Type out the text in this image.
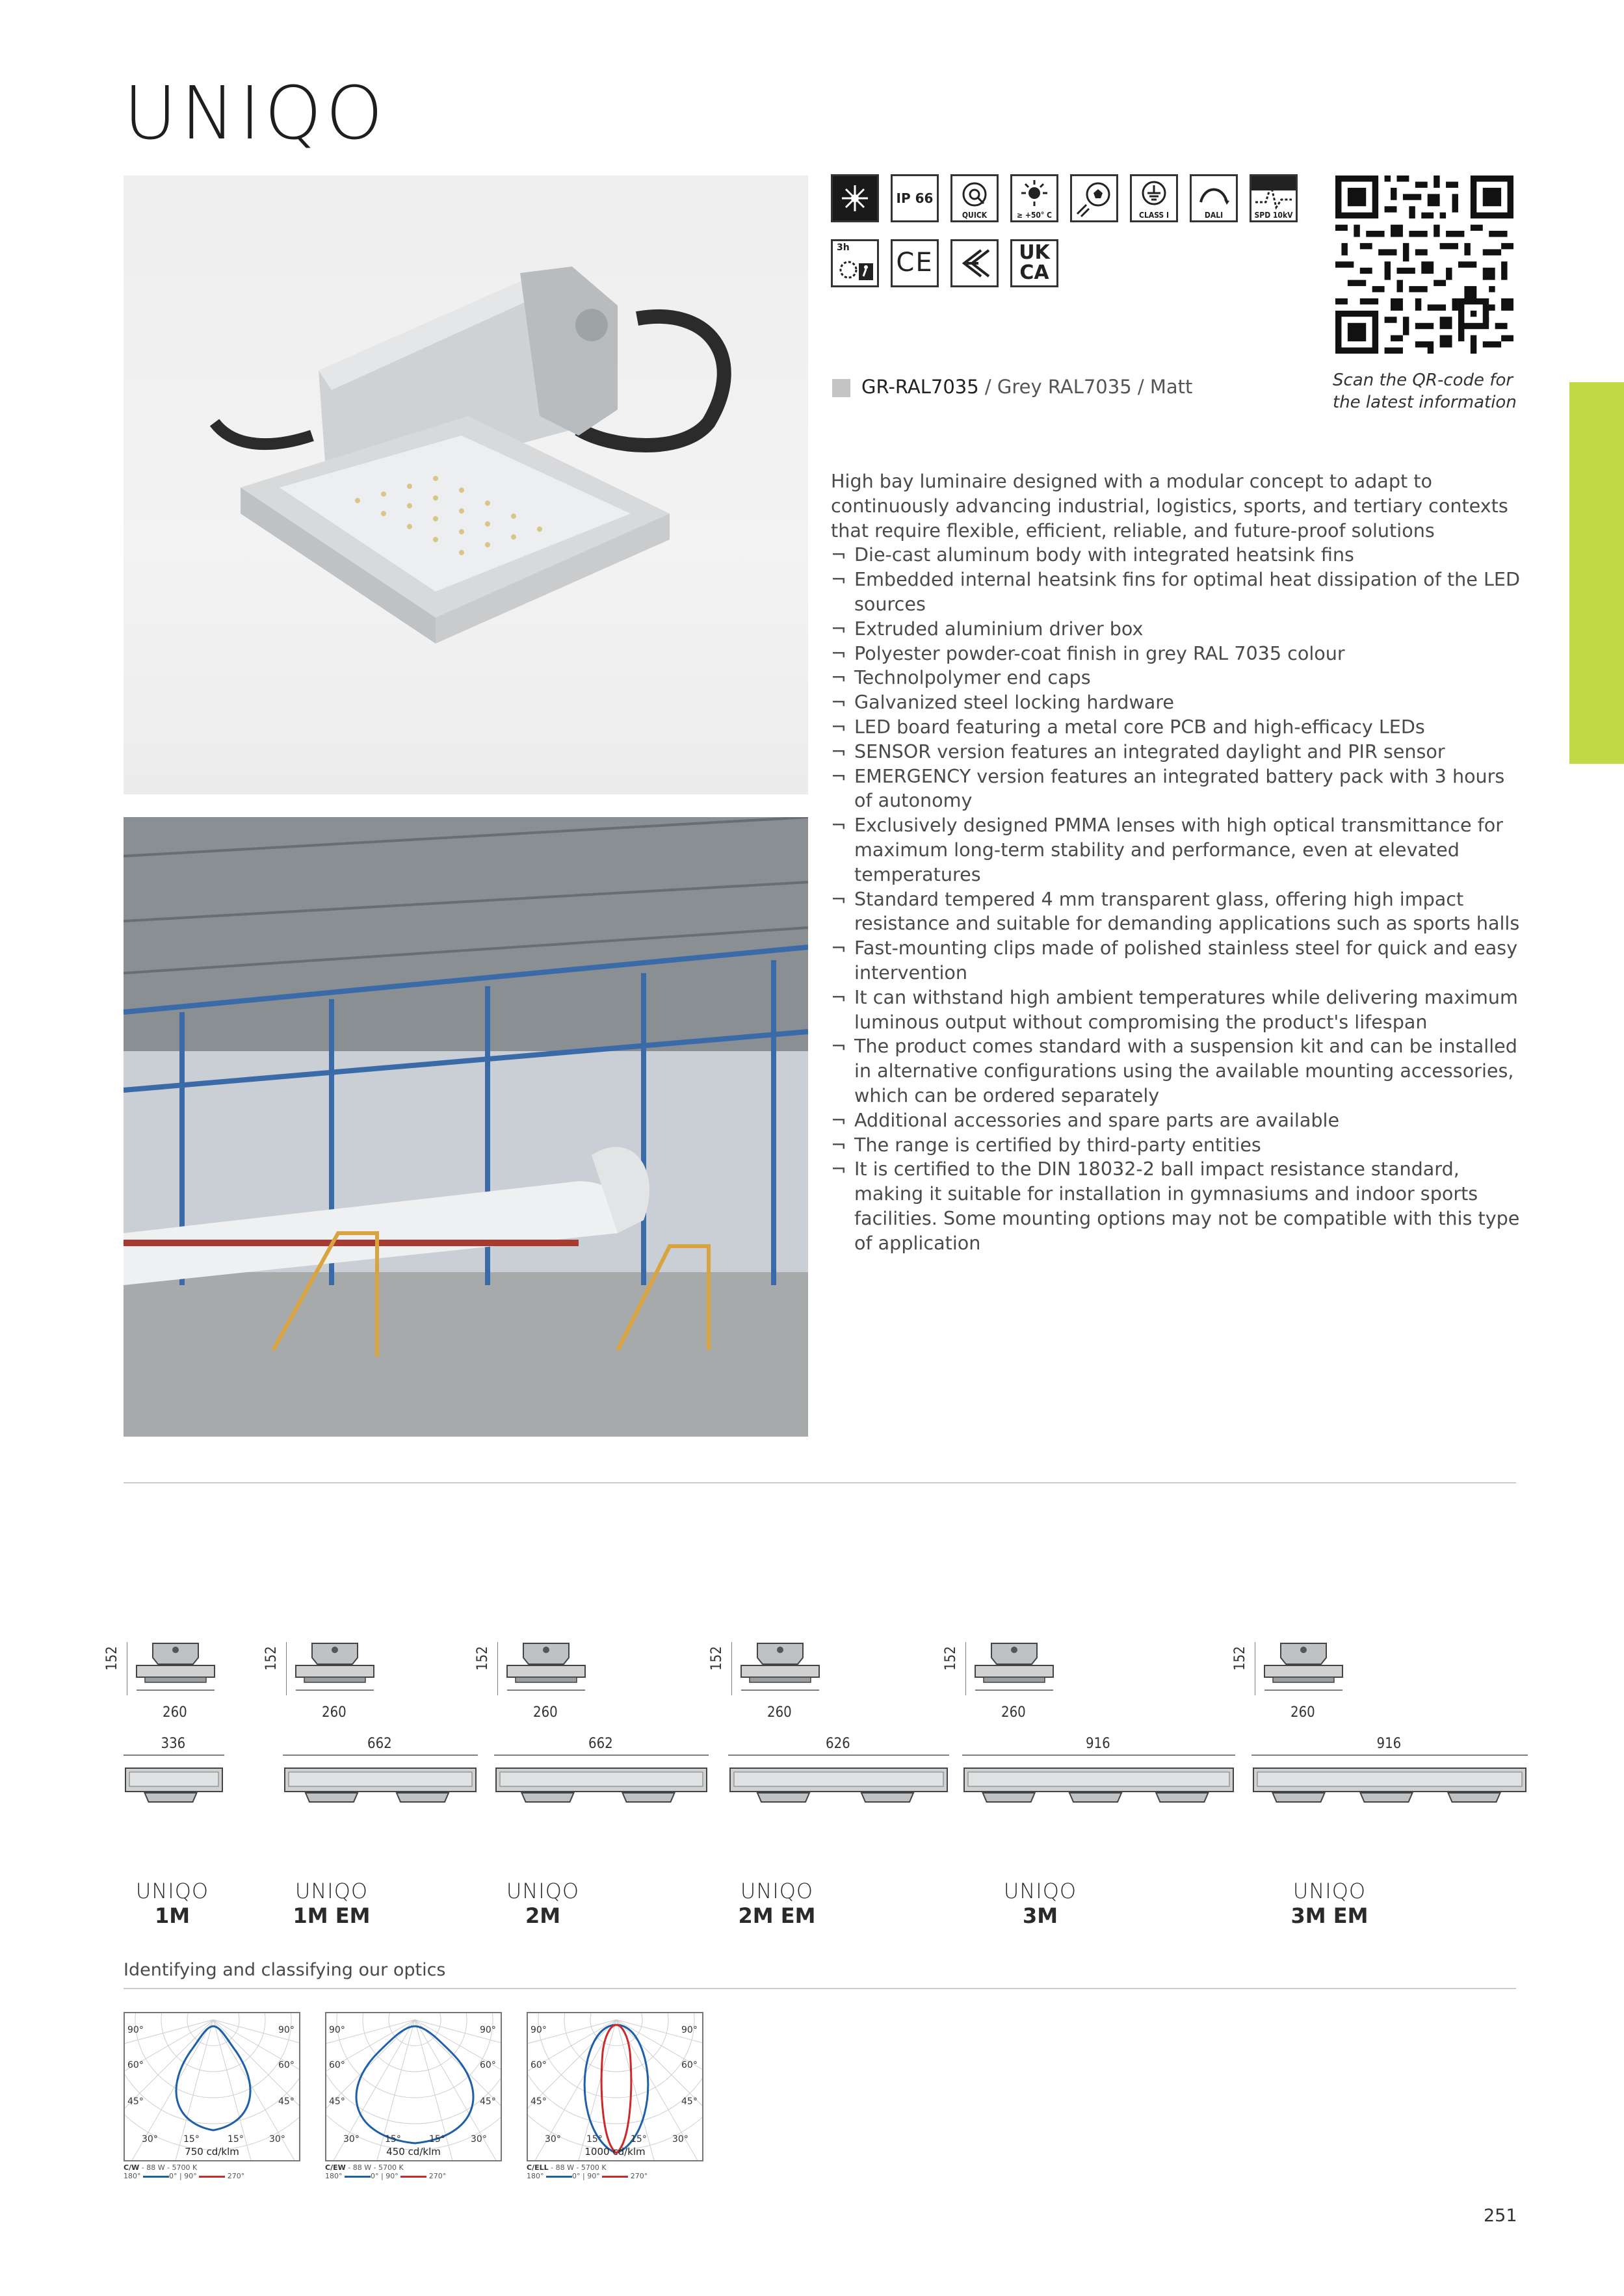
UNIQO
IP 66
QUICK	≥ +50° C	CLASS I	DALI	SPD 10kV
3h CE	UK CA
Scan the QR-code for
the latest information
GR-RAL7035 / Grey RAL7035 / Matt

High bay luminaire designed with a modular concept to adapt to continuously advancing industrial, logistics, sports, and tertiary contexts that require flexible, efficient, reliable, and future-proof solutions

¬ Die-cast aluminum body with integrated heatsink fins
¬ Embedded internal heatsink fins for optimal heat dissipation of the LED sources
¬ Extruded aluminium driver box
¬ Polyester powder-coat finish in grey RAL 7035 colour
¬ Technolpolymer end caps
¬ Galvanized steel locking hardware
¬ LED board featuring a metal core PCB and high-efficacy LEDs
¬ SENSOR version features an integrated daylight and PIR sensor
¬ EMERGENCY version features an integrated battery pack with 3 hours of autonomy
¬ Exclusively designed PMMA lenses with high optical transmittance for maximum long-term stability and performance, even at elevated temperatures
¬ Standard tempered 4 mm transparent glass, offering high impact resistance and suitable for demanding applications such as sports halls
¬ Fast-mounting clips made of polished stainless steel for quick and easy intervention
¬ It can withstand high ambient temperatures while delivering maximum luminous output without compromising the product's lifespan
¬ The product comes standard with a suspension kit and can be installed in alternative configurations using the available mounting accessories, which can be ordered separately
¬ Additional accessories and spare parts are available
¬ The range is certified by third-party entities
¬ It is certified to the DIN 18032-2 ball impact resistance standard, making it suitable for installation in gymnasiums and indoor sports facilities. Some mounting options may not be compatible with this type of application
152
260
336
UNIQO
1M
152
260
662
UNIQO
1M EM
152
260
662
UNIQO
2M
152
260
626
UNIQO
2M EM
152
260
916
UNIQO
3M
152
260
916
UNIQO
3M EM
Identifying and classifying our optics
90°	90°
60°	60°
45°	45°
30°	30°
15°	15°
750 cd/klm
C/W - 88 W - 5700 K
180°	0° | 90°	270°
90°	90°
60°	60°
45°	45°
30°	30°
15°	15°
450 cd/klm
C/EW - 88 W - 5700 K
180°	0° | 90°	270°
90°	90°
60°	60°
45°	45°
30°	30°
15°	15°
1000 cd/klm
C/ELL - 88 W - 5700 K
180°	0° | 90°	270°
251
